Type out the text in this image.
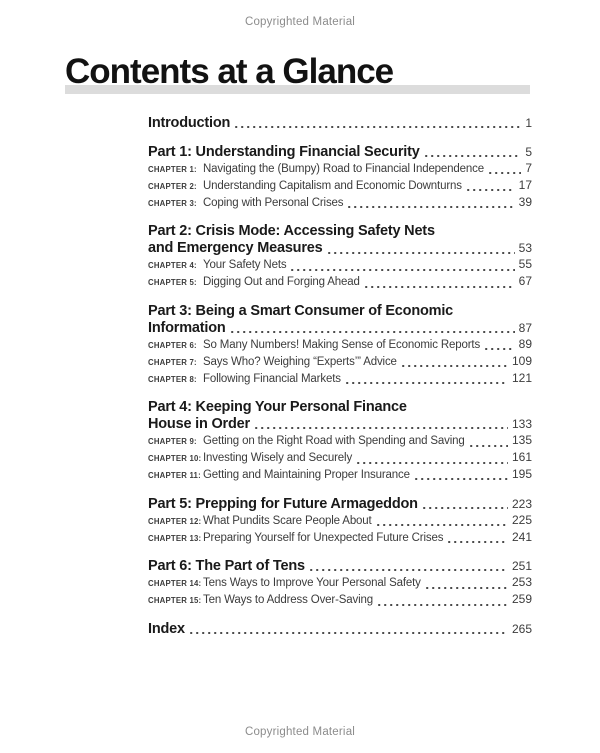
Copyrighted Material
Contents at a Glance
Introduction	1
Part 1: Understanding Financial Security	5
CHAPTER 1: Navigating the (Bumpy) Road to Financial Independence	7
CHAPTER 2: Understanding Capitalism and Economic Downturns	17
CHAPTER 3: Coping with Personal Crises	39
Part 2: Crisis Mode: Accessing Safety Nets
and Emergency Measures	53
CHAPTER 4: Your Safety Nets	55
CHAPTER 5: Digging Out and Forging Ahead	67
Part 3: Being a Smart Consumer of Economic
Information	87
CHAPTER 6: So Many Numbers! Making Sense of Economic Reports	89
CHAPTER 7: Says Who? Weighing “Experts’” Advice	109
CHAPTER 8: Following Financial Markets	121
Part 4: Keeping Your Personal Finance
House in Order	133
CHAPTER 9: Getting on the Right Road with Spending and Saving	135
CHAPTER 10: Investing Wisely and Securely	161
CHAPTER 11: Getting and Maintaining Proper Insurance	195
Part 5: Prepping for Future Armageddon	223
CHAPTER 12: What Pundits Scare People About	225
CHAPTER 13: Preparing Yourself for Unexpected Future Crises	241
Part 6: The Part of Tens	251
CHAPTER 14: Tens Ways to Improve Your Personal Safety	253
CHAPTER 15: Ten Ways to Address Over-Saving	259
Index	265
Copyrighted Material
